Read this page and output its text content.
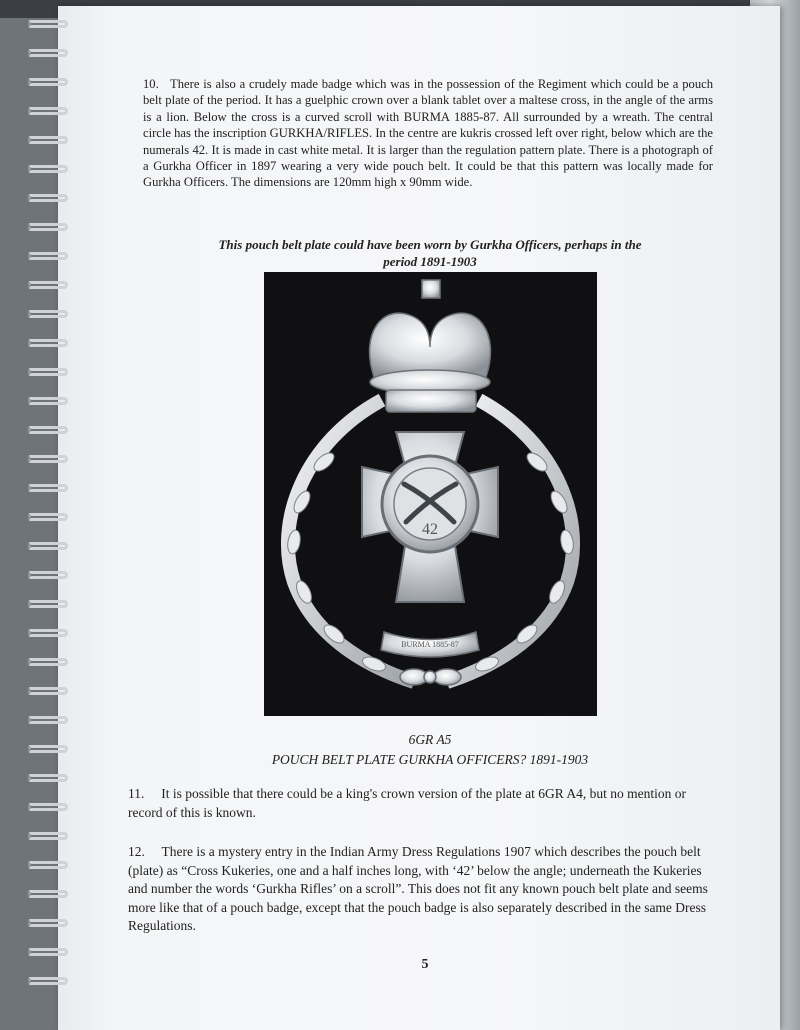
10. There is also a crudely made badge which was in the possession of the Regiment which could be a pouch belt plate of the period. It has a guelphic crown over a blank tablet over a maltese cross, in the angle of the arms is a lion. Below the cross is a curved scroll with BURMA 1885-87. All surrounded by a wreath. The central circle has the inscription GURKHA/RIFLES. In the centre are kukris crossed left over right, below which are the numerals 42. It is made in cast white metal. It is larger than the regulation pattern plate. There is a photograph of a Gurkha Officer in 1897 wearing a very wide pouch belt. It could be that this pattern was locally made for Gurkha Officers. The dimensions are 120mm high x 90mm wide.
This pouch belt plate could have been worn by Gurkha Officers, perhaps in the period 1891-1903
42
BURMA 1885-87
6GR A5
POUCH BELT PLATE GURKHA OFFICERS? 1891-1903
11. It is possible that there could be a king's crown version of the plate at 6GR A4, but no mention or record of this is known.
12. There is a mystery entry in the Indian Army Dress Regulations 1907 which describes the pouch belt (plate) as “Cross Kukeries, one and a half inches long, with ‘42’ below the angle; underneath the Kukeries and number the words ‘Gurkha Rifles’ on a scroll”. This does not fit any known pouch belt plate and seems more like that of a pouch badge, except that the pouch badge is also separately described in the same Dress Regulations.
5
